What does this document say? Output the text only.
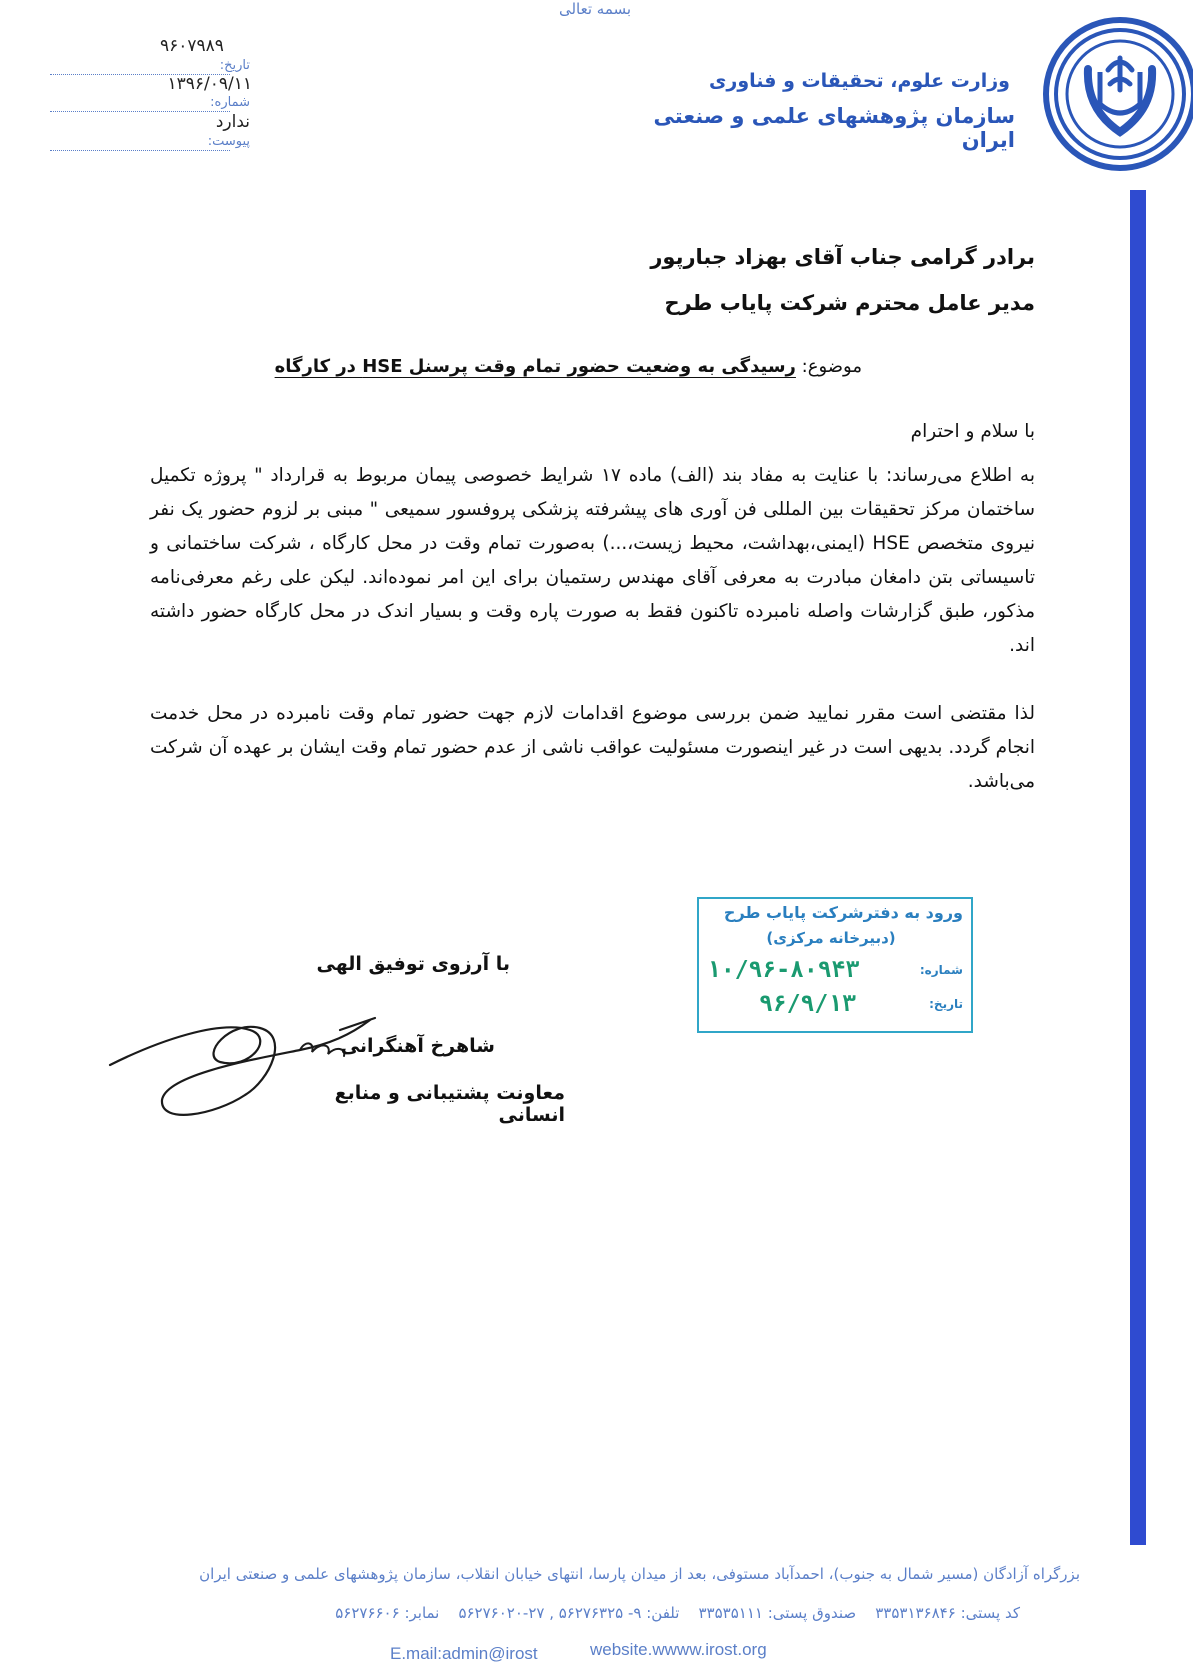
بسمه تعالی
وزارت علوم، تحقیقات و فناوری
سازمان پژوهشهای علمی و صنعتی ایران
۹۶۰۷۹۸۹
تاریخ:
۱۳۹۶/۰۹/۱۱
شماره:
ندارد
پیوست:
برادر گرامی جناب آقای بهزاد جبارپور
مدیر عامل محترم شرکت پایاب طرح
موضوع: رسیدگی به وضعیت حضور تمام وقت پرسنل HSE در کارگاه
با سلام و احترام
به اطلاع می‌رساند: با عنایت به مفاد بند (الف) ماده ۱۷ شرایط خصوصی پیمان مربوط به قرارداد " پروژه تکمیل ساختمان مرکز تحقیقات بین المللی فن آوری های پیشرفته پزشکی پروفسور سمیعی " مبنی بر لزوم حضور یک نفر نیروی متخصص HSE (ایمنی،بهداشت، محیط زیست،...) به‌صورت تمام وقت در محل کارگاه ، شرکت ساختمانی و تاسیساتی بتن دامغان مبادرت به معرفی آقای مهندس رستمیان برای این امر نموده‌اند. لیکن علی رغم معرفی‌نامه مذکور، طبق گزارشات واصله نامبرده تاکنون فقط به صورت پاره وقت و بسیار اندک در محل کارگاه حضور داشته اند.
لذا مقتضی است مقرر نمایید ضمن بررسی موضوع اقدامات لازم جهت حضور تمام وقت نامبرده در محل خدمت انجام گردد. بدیهی است در غیر اینصورت مسئولیت عواقب ناشی از عدم حضور تمام وقت ایشان بر عهده آن شرکت می‌باشد.
ورود به دفترشرکت پایاب طرح
(دبیرخانه مرکزی)
شماره:
۱۰/۹۶-۸۰۹۴۳
تاریخ:
۹۶/۹/۱۳
با آرزوی توفیق الهی
شاهرخ آهنگرانی
معاونت پشتیبانی و منابع انسانی
بزرگراه آزادگان (مسیر شمال به جنوب)، احمدآباد مستوفی، بعد از میدان پارسا، انتهای خیابان انقلاب، سازمان پژوهشهای علمی و صنعتی ایران
کد پستی: ۳۳۵۳۱۳۶۸۴۶    صندوق پستی: ۳۳۵۳۵۱۱۱    تلفن: ۹- ۵۶۲۷۶۳۲۵ , ۲۷-۵۶۲۷۶۰۲۰    نمابر: ۵۶۲۷۶۶۰۶
E.mail:admin@irost	website.wwww.irost.org
